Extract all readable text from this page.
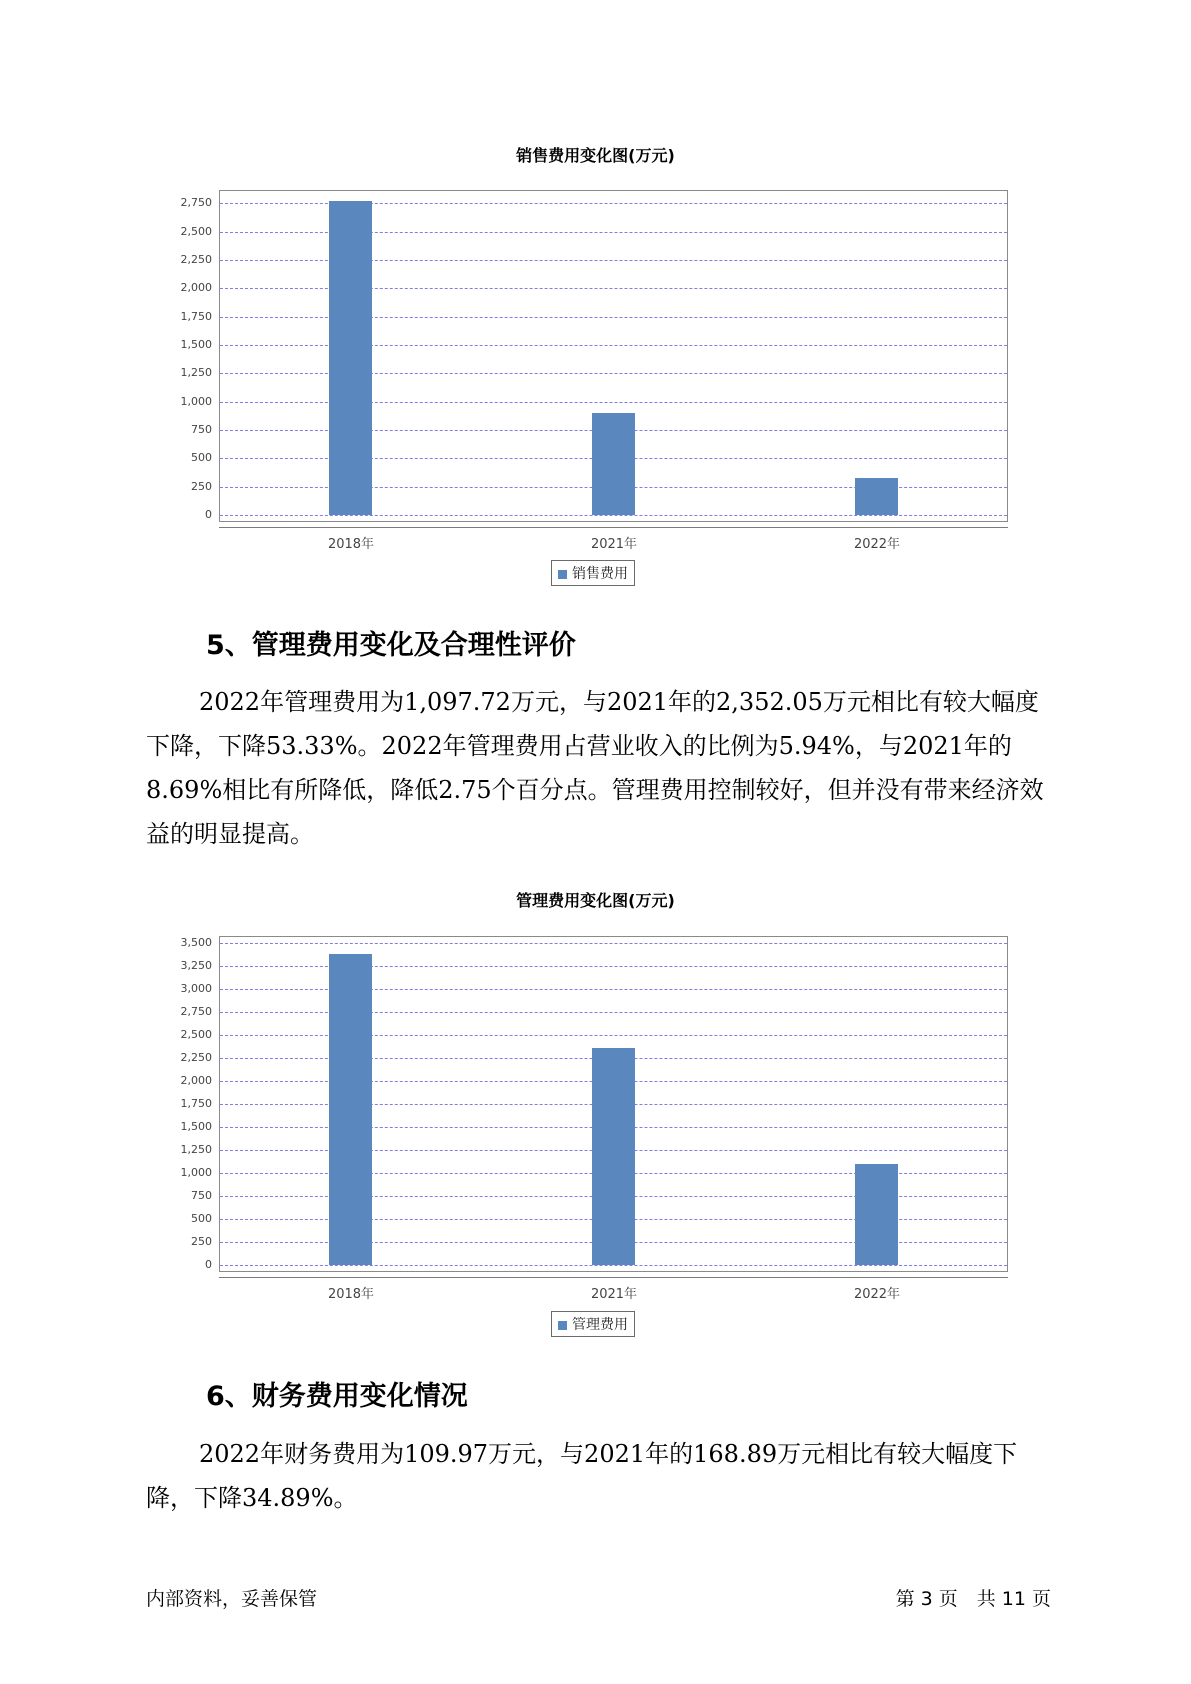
销售费用变化图(万元)
0
250
500
750
1,000
1,250
1,500
1,750
2,000
2,250
2,500
2,750
2018年	2021年	2022年
销售费用
5、管理费用变化及合理性评价
2022年管理费用为1,097.72万元，与2021年的2,352.05万元相比有较大幅度下降，下降53.33%。2022年管理费用占营业收入的比例为5.94%，与2021年的8.69%相比有所降低，降低2.75个百分点。管理费用控制较好，但并没有带来经济效益的明显提高。
管理费用变化图(万元)
0
250
500
750
1,000
1,250
1,500
1,750
2,000
2,250
2,500
2,750
3,000
3,250
3,500
2018年	2021年	2022年
管理费用
6、财务费用变化情况
2022年财务费用为109.97万元，与2021年的168.89万元相比有较大幅度下降，下降34.89%。
内部资料，妥善保管	第 3 页　共 11 页
